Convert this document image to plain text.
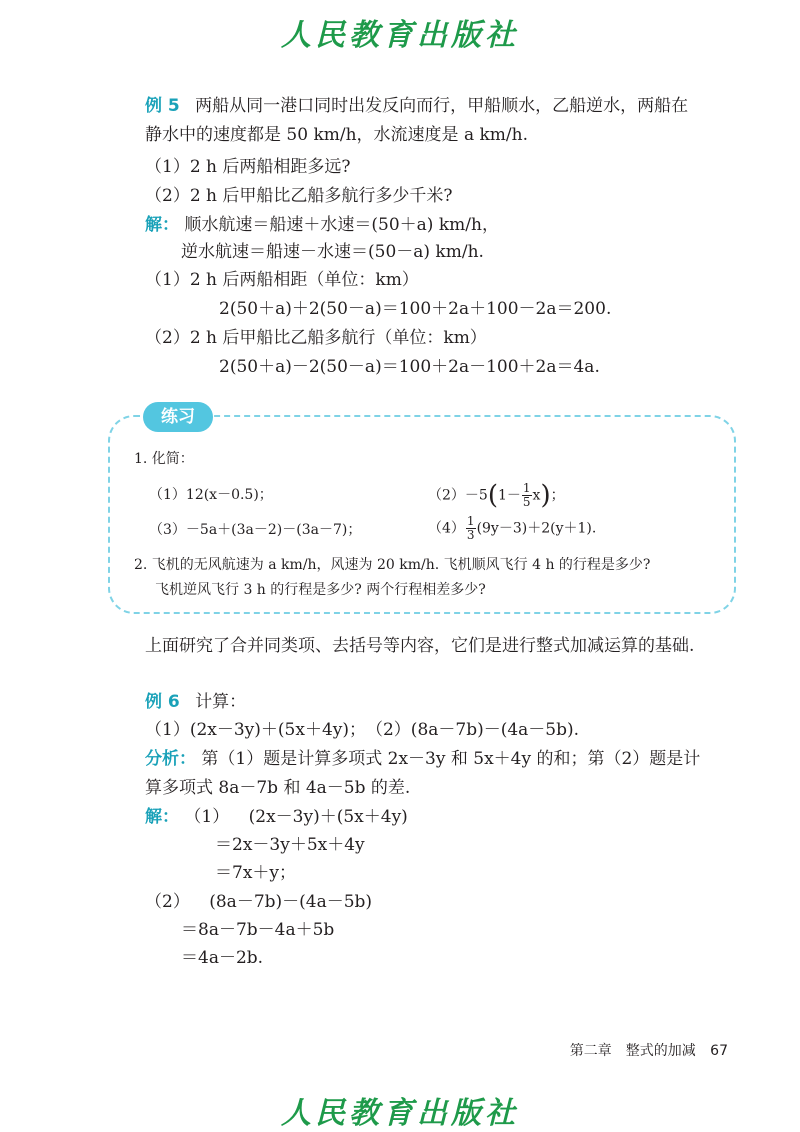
人民教育出版社
例 5 两船从同一港口同时出发反向而行，甲船顺水，乙船逆水，两船在
静水中的速度都是 50 km/h，水流速度是 a km/h.
（1）2 h 后两船相距多远?
（2）2 h 后甲船比乙船多航行多少千米?
解： 顺水航速＝船速＋水速＝(50＋a) km/h，
逆水航速＝船速－水速＝(50－a) km/h.
（1）2 h 后两船相距（单位：km）
2(50＋a)＋2(50－a)＝100＋2a＋100－2a＝200.
（2）2 h 后甲船比乙船多航行（单位：km）
2(50＋a)－2(50－a)＝100＋2a－100＋2a＝4a.
练习
1. 化简：
（1）12(x－0.5)；	$(2)-5(1- \frac{1}{5} x)$；
（3）－5a＋(3a－2)－(3a－7)；	$(4) \frac{1}{3} (9y-3)+2(y+1)$.
2. 飞机的无风航速为 a km/h，风速为 20 km/h. 飞机顺风飞行 4 h 的行程是多少?
飞机逆风飞行 3 h 的行程是多少? 两个行程相差多少?
上面研究了合并同类项、去括号等内容，它们是进行整式加减运算的基础.
例 6 计算：
（1）(2x－3y)＋(5x＋4y)；　（2）(8a－7b)－(4a－5b).
分析： 第（1）题是计算多项式 2x－3y 和 5x＋4y 的和；第（2）题是计
算多项式 8a－7b 和 4a－5b 的差.
解： （1） (2x－3y)＋(5x＋4y)
＝2x－3y＋5x＋4y
＝7x＋y；
（2） (8a－7b)－(4a－5b)
＝8a－7b－4a＋5b
＝4a－2b.
第二章　整式的加减 67
人民教育出版社
